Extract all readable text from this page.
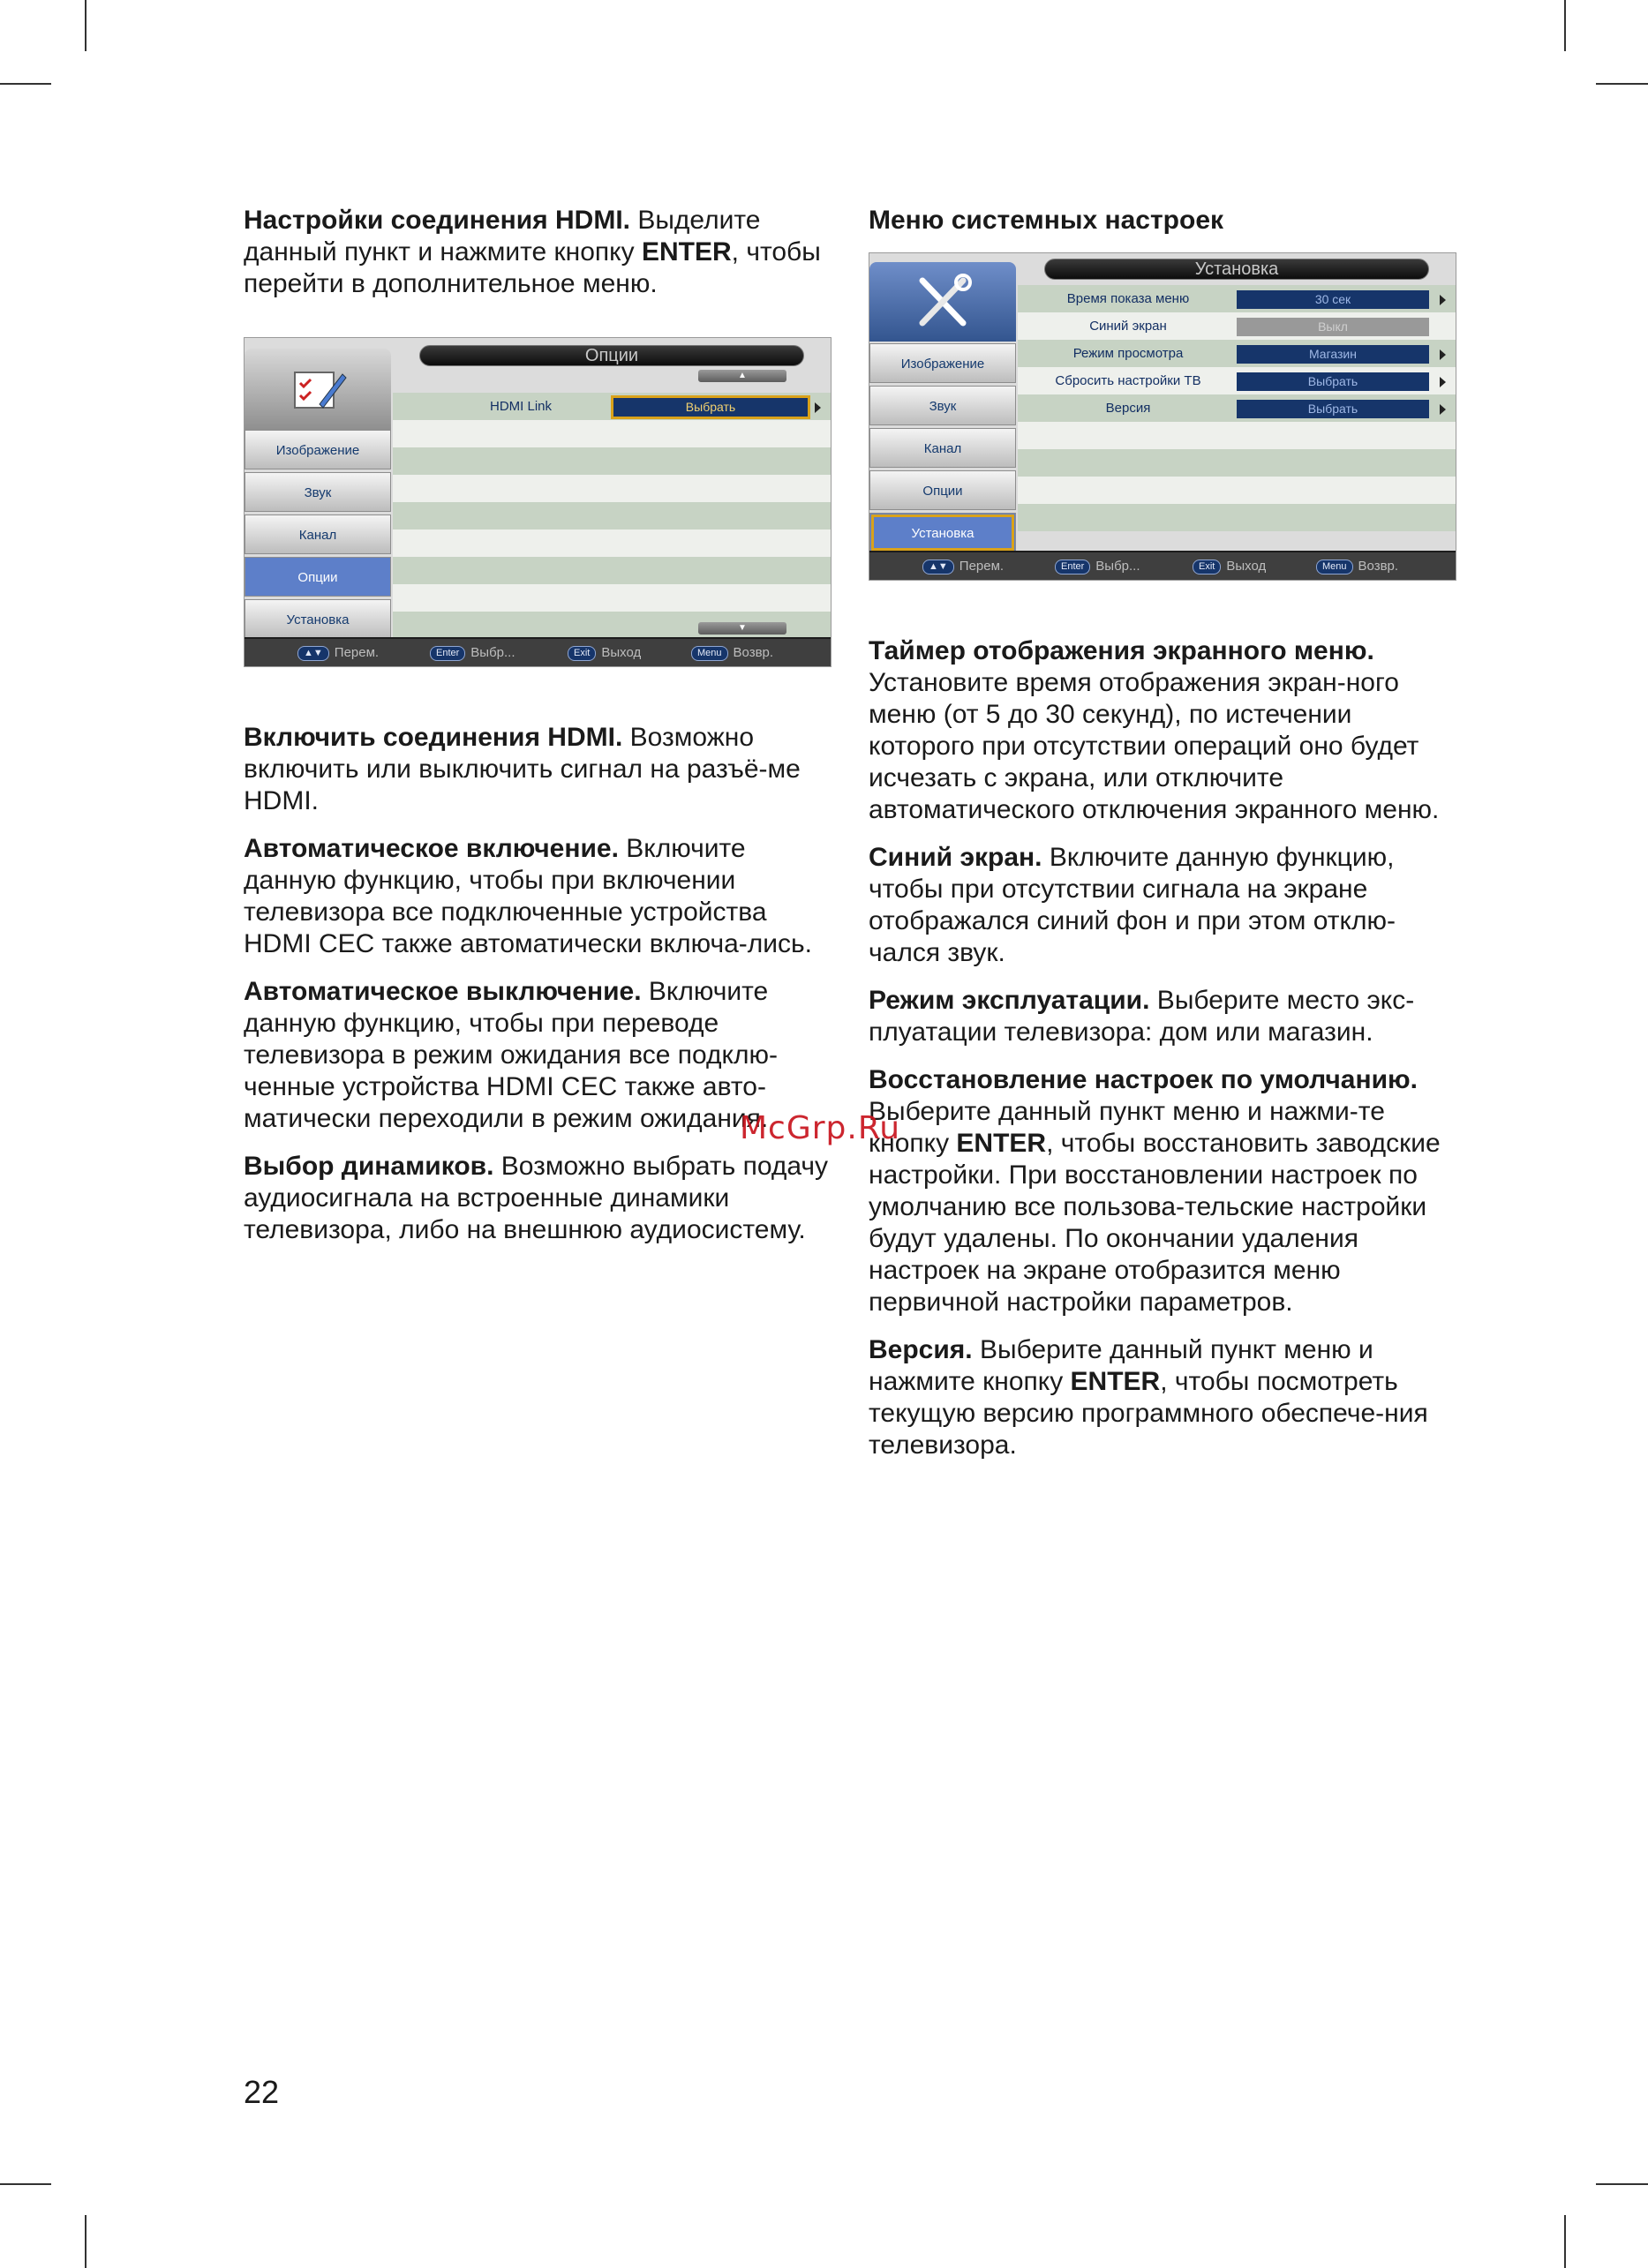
Настройки соединения HDMI. Выделите данный пункт и нажмите кнопку ENTER, чтобы перейти в дополнительное меню.

Опции
▲
Изображение
Звук
Канал
Опции
Установка
HDMI Link	Выбрать
▼
▲▼ Перем.	Enter Выбр...	Exit Выход	Menu Возвр.

Включить соединения HDMI. Возможно включить или выключить сигнал на разъё-ме HDMI.

Автоматическое включение. Включите данную функцию, чтобы при включении телевизора все подключенные устройства HDMI CEC также автоматически включа-лись.

Автоматическое выключение. Включите данную функцию, чтобы при переводе телевизора в режим ожидания все подклю-ченные устройства HDMI CEC также авто-матически переходили в режим ожидания.

Выбор динамиков. Возможно выбрать подачу аудиосигнала на встроенные динамики телевизора, либо на внешнюю аудиосистему.

Меню системных настроек

Установка
Изображение
Звук
Канал
Опции
Установка
Время показа меню	30 сек
Синий экран	Выкл
Режим просмотра	Магазин
Сбросить настройки ТВ	Выбрать
Версия	Выбрать
▲▼ Перем.	Enter Выбр...	Exit Выход	Menu Возвр.

Таймер отображения экранного меню. Установите время отображения экран-ного меню (от 5 до 30 секунд), по истечении которого при отсутствии операций оно будет исчезать с экрана, или отключите автоматического отключения экранного меню.

Синий экран. Включите данную функцию, чтобы при отсутствии сигнала на экране отображался синий фон и при этом отклю-чался звук.

Режим эксплуатации. Выберите место экс-плуатации телевизора: дом или магазин.

Восстановление настроек по умолчанию. Выберите данный пункт меню и нажми-те кнопку ENTER, чтобы восстановить заводские настройки. При восстановлении настроек по умолчанию все пользова-тельские настройки будут удалены. По окончании удаления настроек на экране отобразится меню первичной настройки параметров.

Версия. Выберите данный пункт меню и нажмите кнопку ENTER, чтобы посмотреть текущую версию программного обеспече-ния телевизора.

McGrp.Ru
22
